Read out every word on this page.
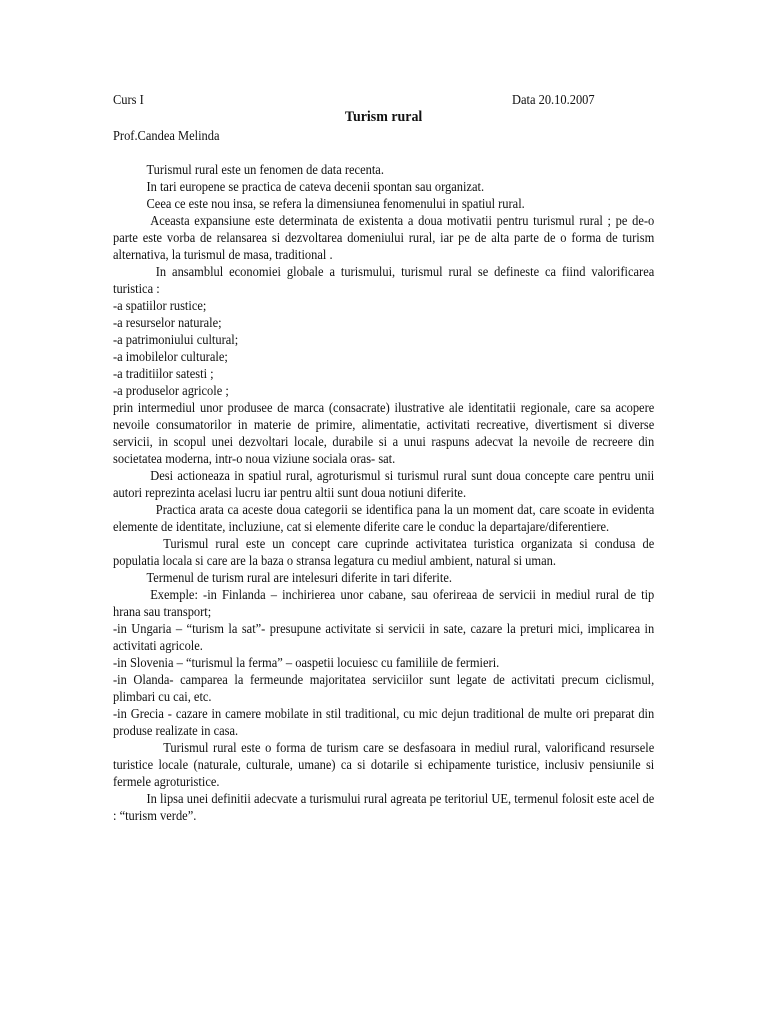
Curs I	Data 20.10.2007
Turism rural
Prof.Candea Melinda

Turismul rural este un fenomen de data recenta.

In tari europene se practica de cateva decenii spontan sau organizat.

Ceea ce este nou insa, se refera la dimensiunea fenomenului in spatiul rural.

Aceasta expansiune este determinata de existenta a doua motivatii pentru turismul rural ; pe de-o parte este vorba de relansarea si dezvoltarea domeniului rural, iar pe de alta parte de o forma de turism alternativa, la turismul de masa, traditional .

In ansamblul economiei globale a turismului, turismul rural se defineste ca fiind valorificarea turistica :

-a spatiilor rustice;
-a resurselor naturale;
-a patrimoniului cultural;
-a imobilelor culturale;
-a traditiilor satesti ;
-a produselor agricole ;

prin intermediul unor produsee de marca (consacrate) ilustrative ale identitatii regionale, care sa acopere nevoile consumatorilor in materie de primire, alimentatie, activitati recreative, divertisment si diverse servicii, in scopul unei dezvoltari locale, durabile si a unui raspuns adecvat la nevoile de recreere din societatea moderna, intr-o noua viziune sociala oras- sat.

Desi actioneaza in spatiul rural, agroturismul si turismul rural sunt doua concepte care pentru unii autori reprezinta acelasi lucru iar pentru altii sunt doua notiuni diferite.

Practica arata ca aceste doua categorii se identifica pana la un moment dat, care scoate in evidenta elemente de identitate, incluziune, cat si elemente diferite care le conduc la departajare/diferentiere.

Turismul rural este un concept care cuprinde activitatea turistica organizata si condusa de populatia locala si care are la baza o stransa legatura cu mediul ambient, natural si uman.

Termenul de turism rural are intelesuri diferite in tari diferite.

Exemple: -in Finlanda – inchirierea unor cabane, sau oferireaa de servicii in mediul rural de tip hrana sau transport;

-in Ungaria – “turism la sat”- presupune activitate si servicii in sate, cazare la preturi mici, implicarea in activitati agricole.

-in Slovenia – “turismul la ferma” – oaspetii locuiesc cu familiile de fermieri.

-in Olanda- camparea la fermeunde majoritatea serviciilor sunt legate de activitati precum ciclismul, plimbari cu cai, etc.

-in Grecia - cazare in camere mobilate in stil traditional, cu mic dejun traditional de multe ori preparat din produse realizate in casa.

Turismul rural este o forma de turism care se desfasoara in mediul rural, valorificand resursele turistice locale (naturale, culturale, umane) ca si dotarile si echipamente turistice, inclusiv pensiunile si fermele agroturistice.

In lipsa unei definitii adecvate a turismului rural agreata pe teritoriul UE, termenul folosit este acel de : “turism verde”.
